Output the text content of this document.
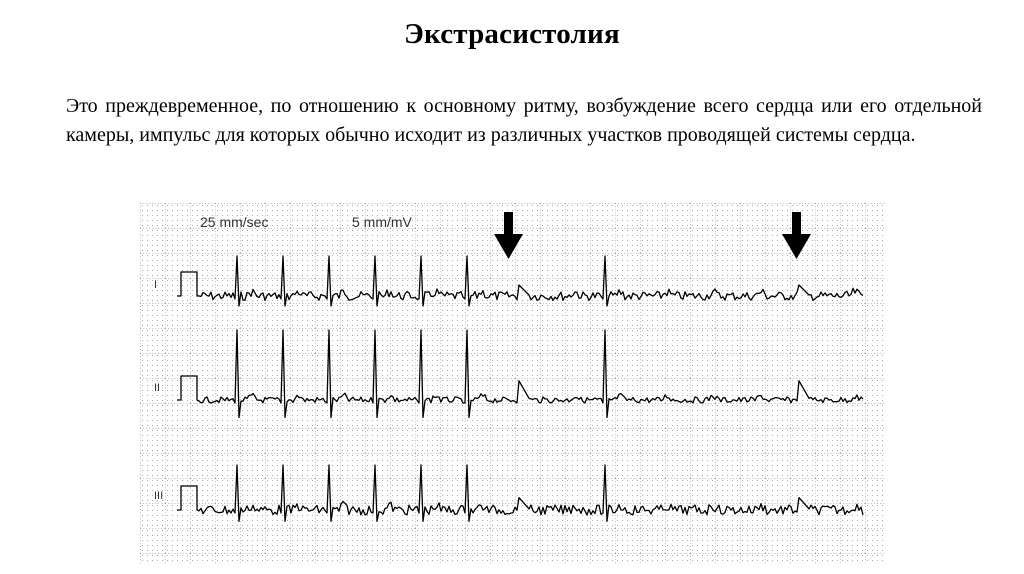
Экстрасистолия

Это преждевременное, по отношению к основному ритму, возбуждение всего сердца или его отдельной камеры, импульс для которых обычно исходит из различных участков проводящей системы сердца.

25 mm/sec	5 mm/mV
I
II
III
